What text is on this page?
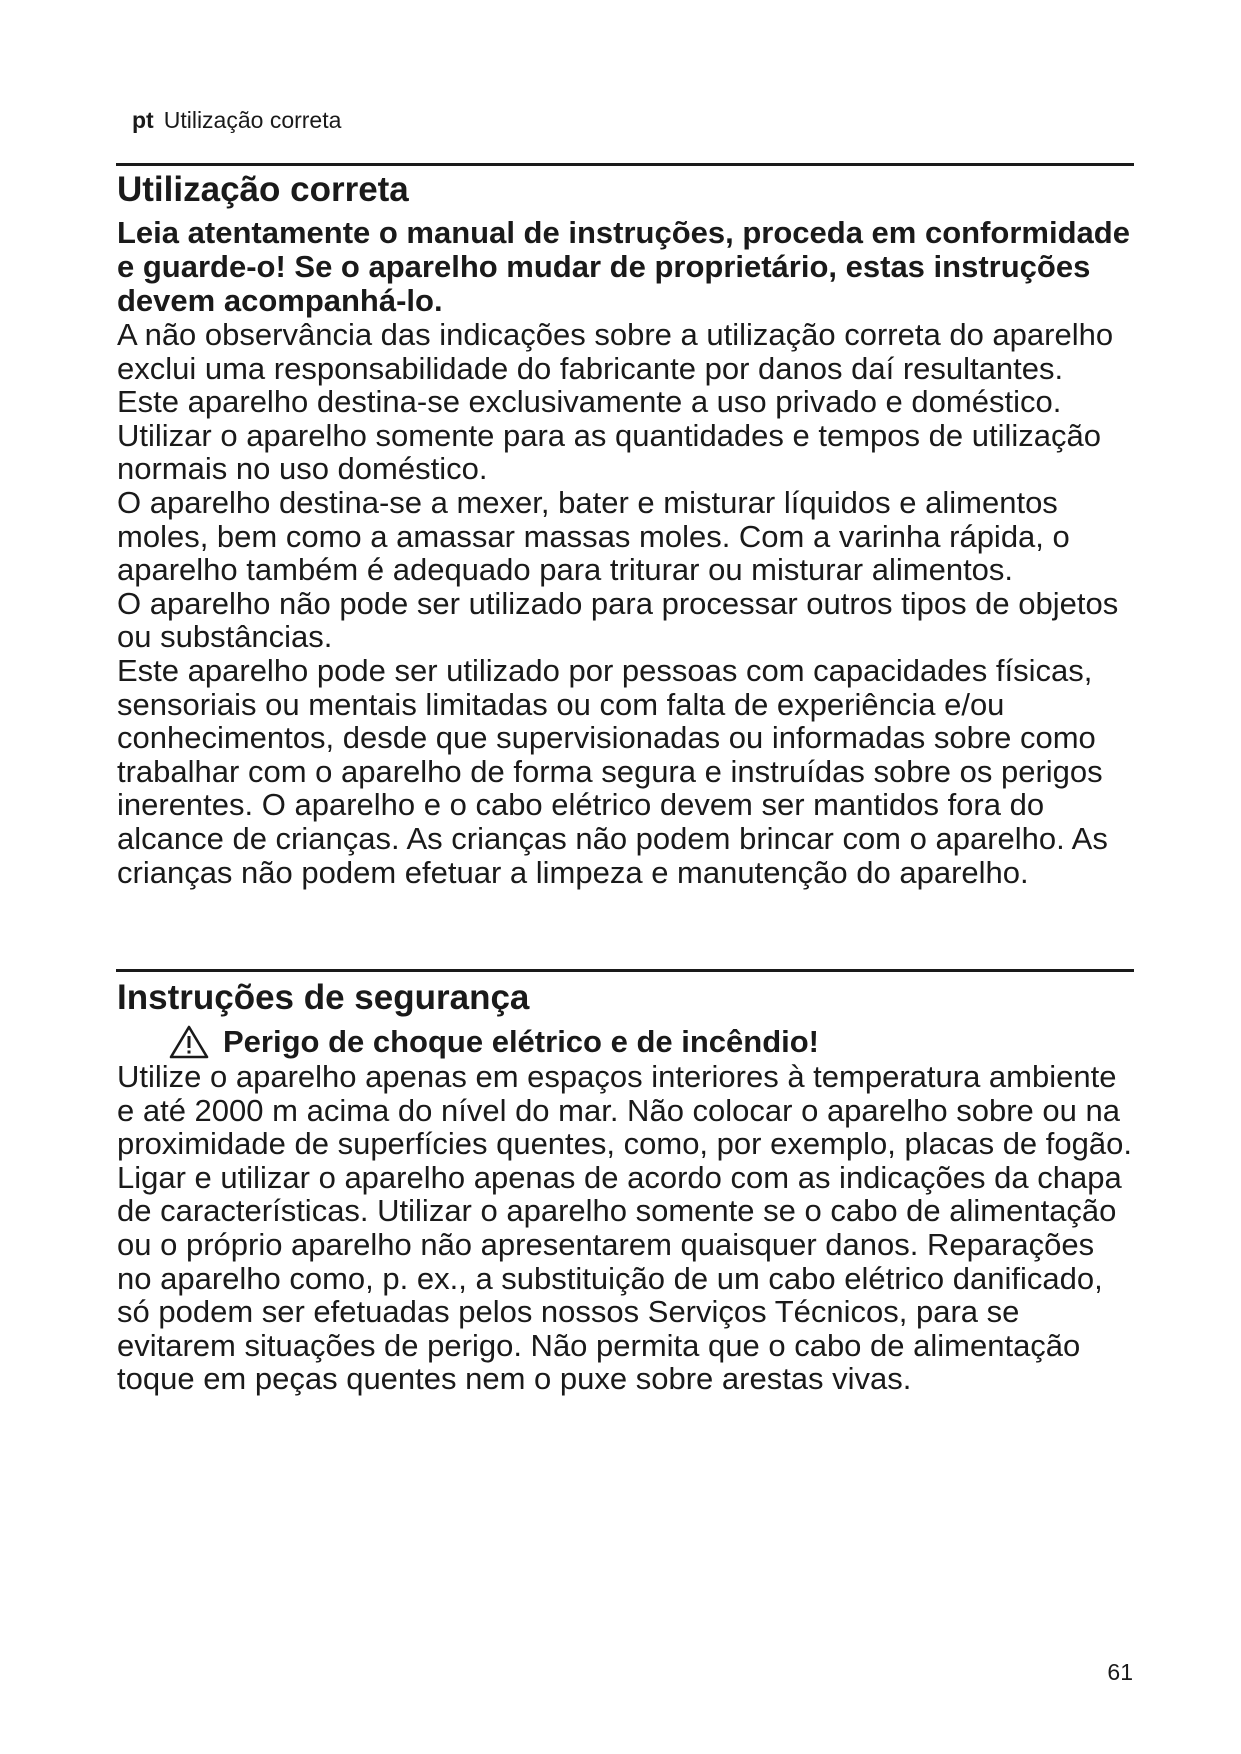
pt Utilização correta
Utilização correta

Leia atentamente o manual de instruções, proceda em conformidade e guarde-o! Se o aparelho mudar de proprietário, estas instruções devem acompanhá-lo.

A não observância das indicações sobre a utilização correta do aparelho exclui uma responsabilidade do fabricante por danos daí resultantes.

Este aparelho destina-se exclusivamente a uso privado e doméstico.

Utilizar o aparelho somente para as quantidades e tempos de utilização normais no uso doméstico.

O aparelho destina-se a mexer, bater e misturar líquidos e alimentos moles, bem como a amassar massas moles. Com a varinha rápida, o aparelho também é adequado para triturar ou misturar alimentos.

O aparelho não pode ser utilizado para processar outros tipos de objetos ou substâncias.

Este aparelho pode ser utilizado por pessoas com capacidades físicas, sensoriais ou mentais limitadas ou com falta de experiência e/ou conhecimentos, desde que supervisionadas ou informadas sobre como trabalhar com o aparelho de forma segura e instruídas sobre os perigos inerentes. O aparelho e o cabo elétrico devem ser mantidos fora do alcance de crianças. As crianças não podem brincar com o aparelho. As crianças não podem efetuar a limpeza e manutenção do aparelho.

Instruções de segurança
Perigo de choque elétrico e de incêndio!

Utilize o aparelho apenas em espaços interiores à temperatura ambiente e até 2000 m acima do nível do mar. Não colocar o aparelho sobre ou na proximidade de superfícies quentes, como, por exemplo, placas de fogão.

Ligar e utilizar o aparelho apenas de acordo com as indicações da chapa de características. Utilizar o aparelho somente se o cabo de alimentação ou o próprio aparelho não apresentarem quaisquer danos. Reparações no aparelho como, p. ex., a substituição de um cabo elétrico danificado, só podem ser efetuadas pelos nossos Serviços Técnicos, para se evitarem situações de perigo. Não permita que o cabo de alimentação toque em peças quentes nem o puxe sobre arestas vivas.

61
